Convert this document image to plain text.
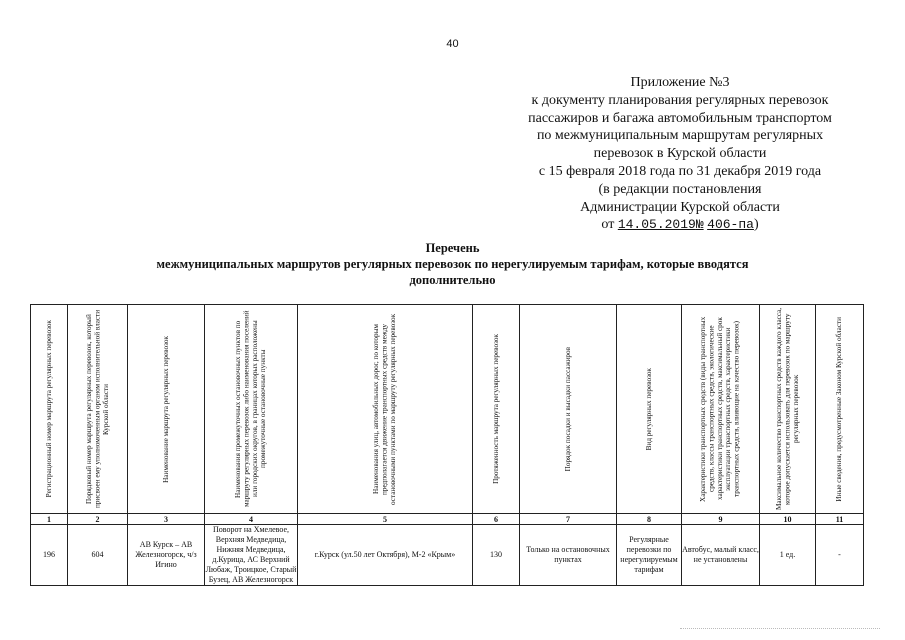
40
Приложение №3
к документу планирования регулярных перевозок
пассажиров и багажа автомобильным транспортом
по межмуниципальным маршрутам регулярных
перевозок в Курской области
с 15 февраля 2018 года по 31 декабря 2019 года
(в редакции постановления
Администрации Курской области
от 14.05.2019№ 406-па)
Перечень
межмуниципальных маршрутов регулярных перевозок по нерегулируемым тарифам, которые вводятся
дополнительно
Регистрационный номер маршрута регулярных перевозок	Порядковый номер маршрута регулярных перевозок, который присвоен ему уполномоченным органом исполнительной власти Курской области	Наименование маршрута регулярных перевозок	Наименования промежуточных остановочных пунктов по маршруту регулярных перевозок либо наименования поселений или городских округов, в границах которых расположены промежуточные остановочные пункты	Наименования улиц, автомобильных дорог, по которым предполагается движение транспортных средств между остановочными пунктами по маршруту регулярных перевозок	Протяженность маршрута регулярных перевозок	Порядок посадки и высадки пассажиров	Вид регулярных перевозок	Характеристики транспортных средств (виды транспортных средств, классы транспортных средств, экологические характеристики транспортных средств, максимальный срок эксплуатации транспортных средств, характеристики транспортных средств, влияющие на качество перевозок)	Максимальное количество транспортных средств каждого класса, которое допускается использовать для перевозок по маршруту регулярных перевозок	Иные сведения, предусмотренные Законом Курской области

1	2	3	4	5	6	7	8	9	10	11
196	604	АВ Курск – АВ Железногорск, ч/з Игино	Поворот на Хмелевое, Верхняя Медведица, Нижняя Медведица, д.Курица, АС Верхний Любаж, Троицкое, Старый Бузец, АВ Железногорск	г.Курск (ул.50 лет Октября), М-2 «Крым»	130	Только на остановочных пунктах	Регулярные перевозки по нерегулируемым тарифам	Автобус, малый класс, не установлены	1 ед.	-
